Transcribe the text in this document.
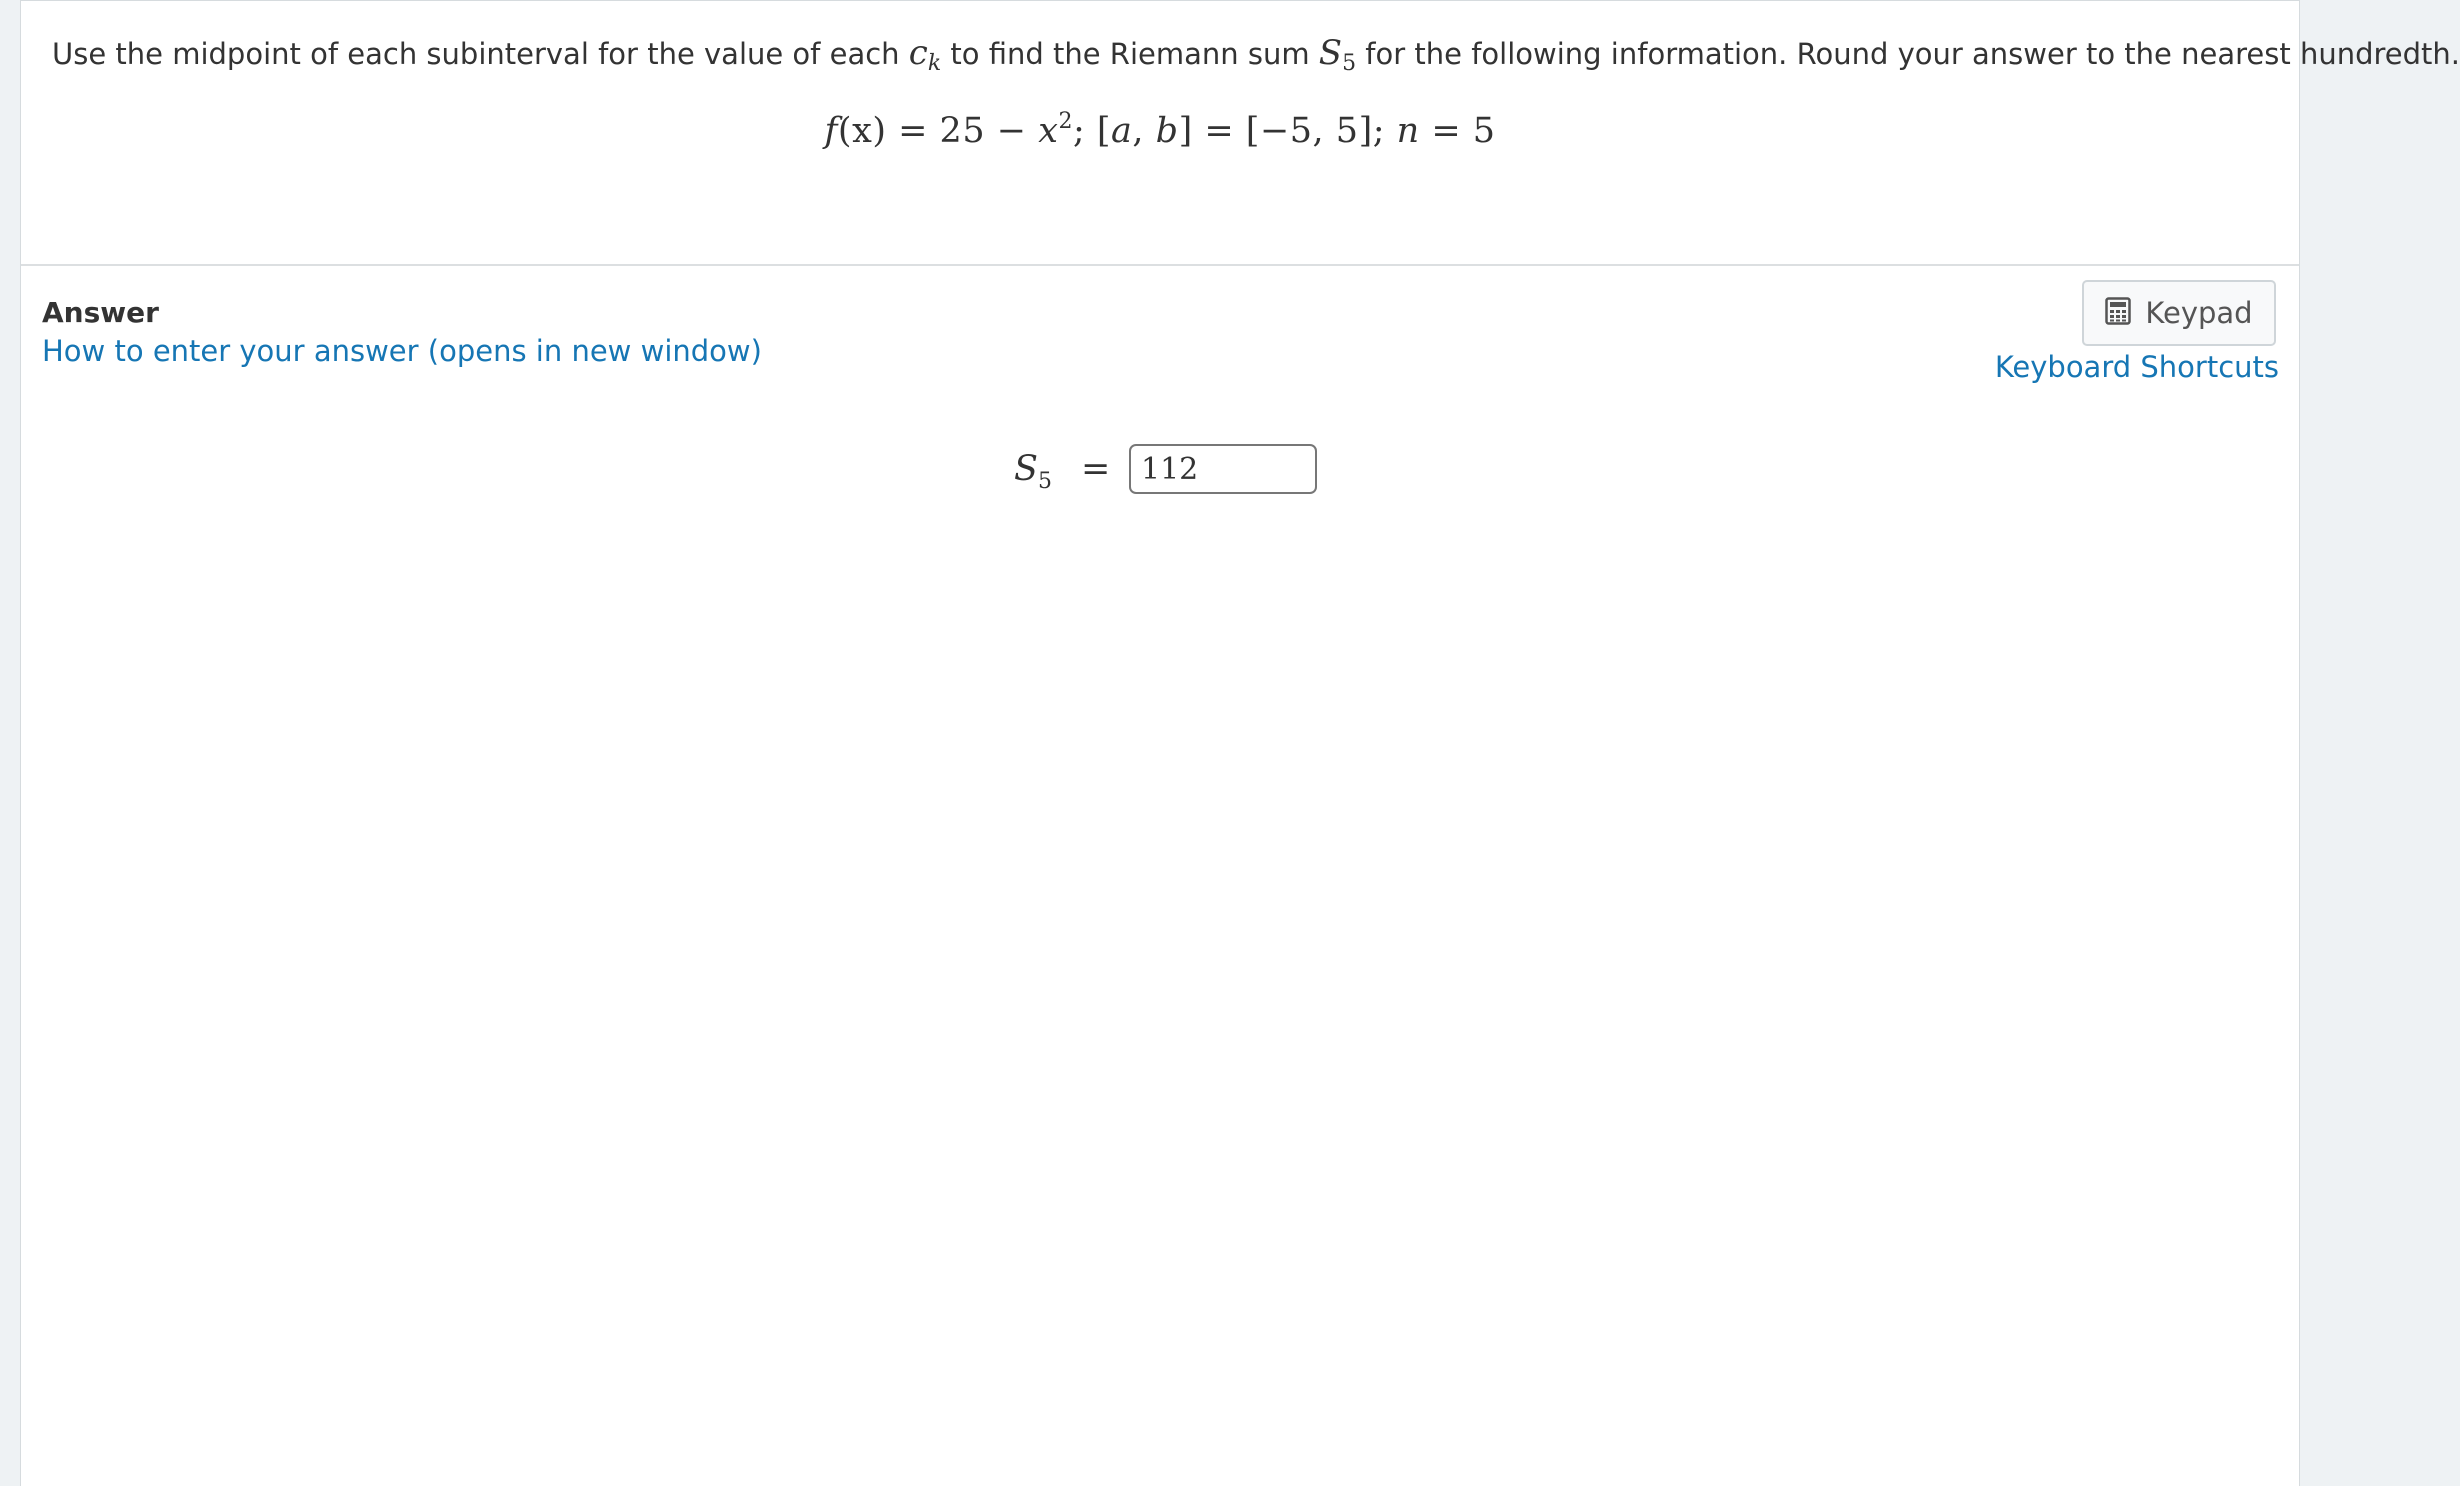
Use the midpoint of each subinterval for the value of each $c_k$ to find the Riemann sum $S_5$ for the following information. Round your answer to the nearest hundredth.
$f(x) = 25 - x^2$; [a, b] = [−5, 5]; n = 5
Answer
How to enter your answer (opens in new window)
Keypad
Keyboard Shortcuts
$S_5$ =
112
